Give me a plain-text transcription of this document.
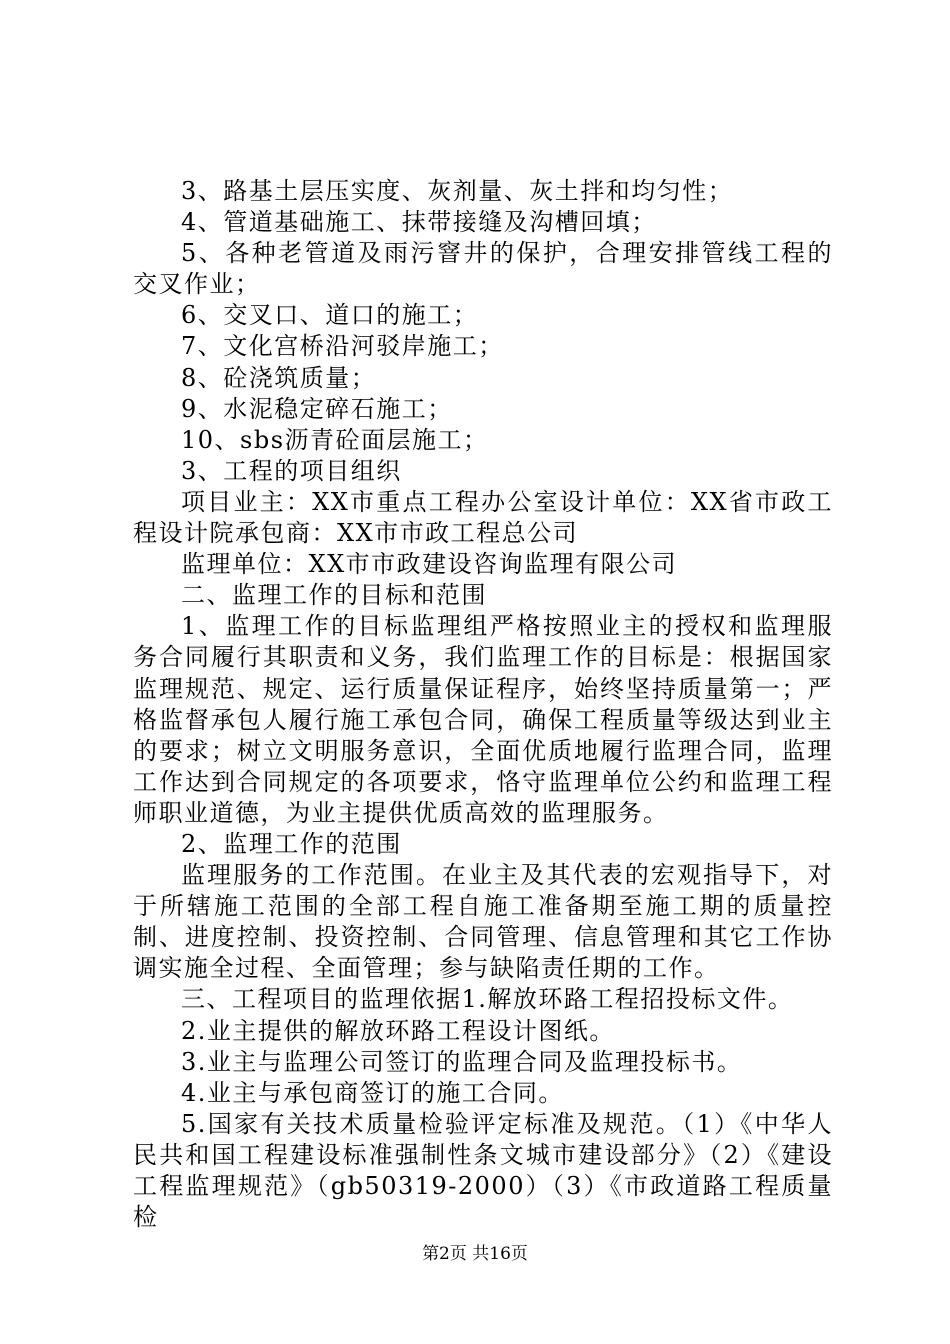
3、路基土层压实度、灰剂量、灰土拌和均匀性；

4、管道基础施工、抹带接缝及沟槽回填；

5、各种老管道及雨污窨井的保护，合理安排管线工程的交叉作业；

6、交叉口、道口的施工；

7、文化宫桥沿河驳岸施工；

8、砼浇筑质量；

9、水泥稳定碎石施工；

10、sbs沥青砼面层施工；

3、工程的项目组织

项目业主：XX市重点工程办公室设计单位：XX省市政工程设计院承包商：XX市市政工程总公司

监理单位：XX市市政建设咨询监理有限公司

二、监理工作的目标和范围

1、监理工作的目标监理组严格按照业主的授权和监理服务合同履行其职责和义务，我们监理工作的目标是：根据国家监理规范、规定、运行质量保证程序，始终坚持质量第一；严格监督承包人履行施工承包合同，确保工程质量等级达到业主的要求；树立文明服务意识，全面优质地履行监理合同，监理工作达到合同规定的各项要求，恪守监理单位公约和监理工程师职业道德，为业主提供优质高效的监理服务。

2、监理工作的范围

监理服务的工作范围。在业主及其代表的宏观指导下，对于所辖施工范围的全部工程自施工准备期至施工期的质量控制、进度控制、投资控制、合同管理、信息管理和其它工作协调实施全过程、全面管理；参与缺陷责任期的工作。

三、工程项目的监理依据1.解放环路工程招投标文件。

2.业主提供的解放环路工程设计图纸。

3.业主与监理公司签订的监理合同及监理投标书。

4.业主与承包商签订的施工合同。

5.国家有关技术质量检验评定标准及规范。（1）《中华人民共和国工程建设标准强制性条文城市建设部分》（2）《建设工程监理规范》（gb50319-2000）（3）《市政道路工程质量检

第2页 共16页
